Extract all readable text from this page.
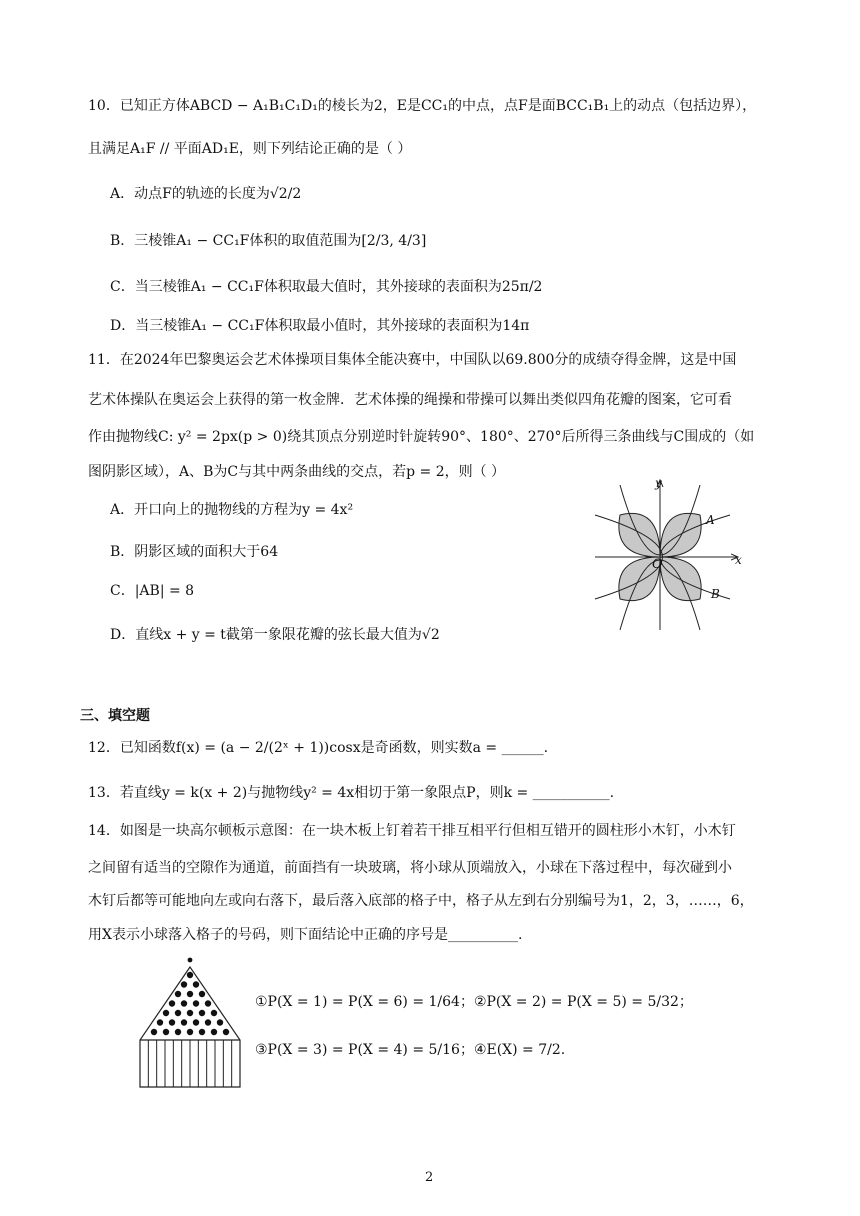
10．已知正方体ABCD − A₁B₁C₁D₁的棱长为2，E是CC₁的中点，点F是面BCC₁B₁上的动点（包括边界），
且满足A₁F // 平面AD₁E，则下列结论正确的是（ ）
A．动点F的轨迹的长度为√2/2
B．三棱锥A₁ − CC₁F体积的取值范围为[2/3, 4/3]
C．当三棱锥A₁ − CC₁F体积取最大值时，其外接球的表面积为25π/2
D．当三棱锥A₁ − CC₁F体积取最小值时，其外接球的表面积为14π
11．在2024年巴黎奥运会艺术体操项目集体全能决赛中，中国队以69.800分的成绩夺得金牌，这是中国
艺术体操队在奥运会上获得的第一枚金牌．艺术体操的绳操和带操可以舞出类似四角花瓣的图案，它可看
作由抛物线C: y² = 2px(p > 0)绕其顶点分别逆时针旋转90°、180°、270°后所得三条曲线与C围成的（如
图阴影区域），A、B为C与其中两条曲线的交点，若p = 2，则（ ）
A．开口向上的抛物线的方程为y = 4x²
B．阴影区域的面积大于64
C．|AB| = 8
D．直线x + y = t截第一象限花瓣的弦长最大值为√2
y
x
O
A
B
三、填空题
12．已知函数f(x) = (a − 2/(2ˣ + 1))cosx是奇函数，则实数a = ______.
13．若直线y = k(x + 2)与抛物线y² = 4x相切于第一象限点P，则k = ___________.
14．如图是一块高尔顿板示意图：在一块木板上钉着若干排互相平行但相互错开的圆柱形小木钉，小木钉
之间留有适当的空隙作为通道，前面挡有一块玻璃，将小球从顶端放入，小球在下落过程中，每次碰到小
木钉后都等可能地向左或向右落下，最后落入底部的格子中，格子从左到右分别编号为1，2，3，……，6，
用X表示小球落入格子的号码，则下面结论中正确的序号是__________.
①P(X = 1) = P(X = 6) = 1/64；②P(X = 2) = P(X = 5) = 5/32；
③P(X = 3) = P(X = 4) = 5/16；④E(X) = 7/2.
2
